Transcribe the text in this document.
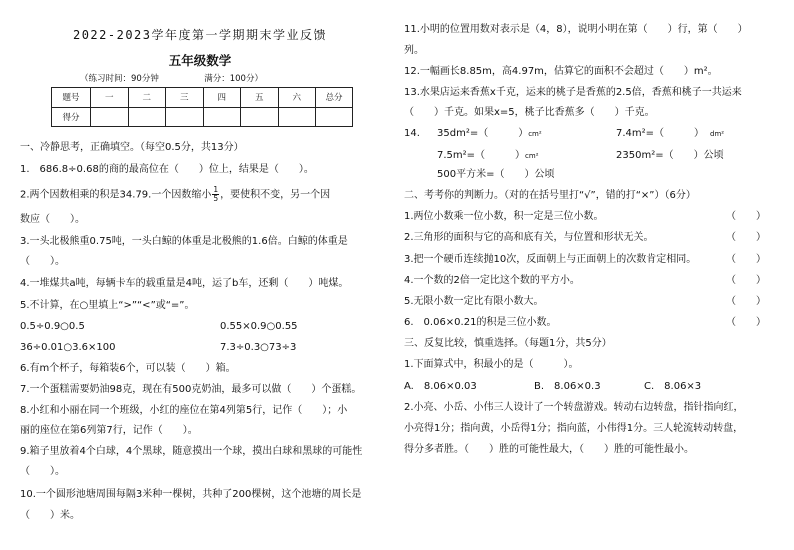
2022-2023学年度第一学期期末学业反馈
五年级数学
（练习时间：90分钟	满分：100分）
题号	一	二	三	四	五	六	总分
得分							
一、冷静思考，正确填空。（每空0.5分，共13分）
1.　686.8÷0.68的商的最高位在（　　）位上，结果是（　　）。
2.两个因数相乘的积是34.79.一个因数缩小 $\frac{1}{5}$ ，要使积不变，另一个因
数应（　　）。
3.一头北极熊重0.75吨，一头白鲸的体重是北极熊的1.6倍。白鲸的体重是
（　　）。
4.一堆煤共a吨，每辆卡车的载重量是4吨，运了b车，还剩（　　）吨煤。
5.不计算，在○里填上“>”“<”或“=”。
0.5÷0.9○0.5	0.55×0.9○0.55
36÷0.01○3.6×100	7.3÷0.3○73÷3
6.有m个杯子，每箱装6个，可以装（　　）箱。
7.一个蛋糕需要奶油98克，现在有500克奶油，最多可以做（　　）个蛋糕。
8.小红和小丽在同一个班级，小红的座位在第4列第5行，记作（　　）；小
丽的座位在第6列第7行，记作（　　）。
9.箱子里放着4个白球，4个黑球，随意摸出一个球，摸出白球和黑球的可能性
（　　）。
10.一个圆形池塘周围每隔3米种一棵树，共种了200棵树，这个池塘的周长是
（　　）米。
11.小明的位置用数对表示是（4，8），说明小明在第（　　）行，第（　　）
列。
12.一幅画长8.85m，高4.97m，估算它的面积不会超过（　　）m²。
13.水果店运来香蕉x千克，运来的桃子是香蕉的2.5倍，香蕉和桃子一共运来
（　　）千克。如果x=5，桃子比香蕉多（　　）千克。
14. 35dm²=（　　　）cm²	7.4m²=（　　　） dm²
7.5m²=（　　　）cm²	2350m²=（　　）公顷
500平方米=（　　）公顷
二、考考你的判断力。（对的在括号里打“√”，错的打“×”）（6分）
1.两位小数乘一位小数，积一定是三位小数。	（　　）
2.三角形的面积与它的高和底有关，与位置和形状无关。	（　　）
3.把一个硬币连续抛10次，反面朝上与正面朝上的次数肯定相同。	（　　）
4.一个数的2倍一定比这个数的平方小。	（　　）
5.无限小数一定比有限小数大。	（　　）
6.　0.06×0.21的积是三位小数。	（　　）
三、反复比较，慎重选择。（每题1分，共5分）
1.下面算式中，积最小的是（　　　）。
A.　8.06×0.03	B.　8.06×0.3	C.　8.06×3
2.小亮、小岳、小伟三人设计了一个转盘游戏。转动右边转盘，指针指向红，
小亮得1分；指向黄，小岳得1分；指向蓝，小伟得1分。三人轮流转动转盘，
得分多者胜。（　　）胜的可能性最大，（　　）胜的可能性最小。
